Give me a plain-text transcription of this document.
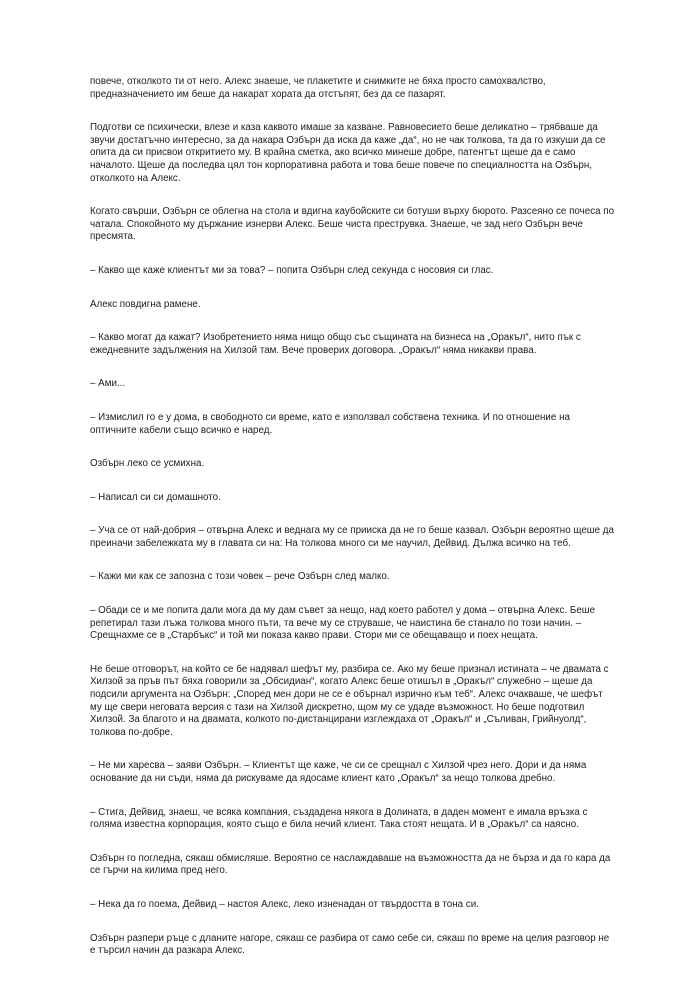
повече, отколкото ти от него. Алекс знаеше, че плакетите и снимките не бяха просто самохвалство, предназначението им беше да накарат хората да отстъпят, без да се пазарят.

Подготви се психически, влезе и каза каквото имаше за казване. Равновесието беше деликатно – трябваше да звучи достатъчно интересно, за да накара Озбърн да иска да каже „да“, но не чак толкова, та да го изкуши да се опита да си присвои откритието му. В крайна сметка, ако всичко минеше добре, патентът щеше да е само началото. Щеше да последва цял тон корпоративна работа и това беше повече по специалността на Озбърн, отколкото на Алекс.

Когато свърши, Озбърн се облегна на стола и вдигна каубойските си ботуши върху бюрото. Разсеяно се почеса по чатала. Спокойното му държание изнерви Алекс. Беше чиста преструвка. Знаеше, че зад него Озбърн вече пресмята.

– Какво ще каже клиентът ми за това? – попита Озбърн след секунда с носовия си глас.

Алекс повдигна рамене.

– Какво могат да кажат? Изобретението няма нищо общо със същината на бизнеса на „Оракъл“, нито пък с ежедневните задължения на Хилзой там. Вече проверих договора. „Оракъл“ няма никакви права.

– Ами...

– Измислил го е у дома, в свободното си време, като е използвал собствена техника. И по отношение на оптичните кабели също всичко е наред.

Озбърн леко се усмихна.

– Написал си си домашното.

– Уча се от най-добрия – отвърна Алекс и веднага му се прииска да не го беше казвал. Озбърн вероятно щеше да преиначи забележката му в главата си на: На толкова много си ме научил, Дейвид. Дължа всичко на теб.

– Кажи ми как се запозна с този човек – рече Озбърн след малко.

– Обади се и ме попита дали мога да му дам съвет за нещо, над което работел у дома – отвърна Алекс. Беше репетирал тази лъжа толкова много пъти, та вече му се струваше, че наистина бе станало по този начин. – Срещнахме се в „Старбъкс“ и той ми показа какво прави. Стори ми се обещаващо и поех нещата.

Не беше отговорът, на който се бе надявал шефът му, разбира се. Ако му беше признал истината – че двамата с Хилзой за пръв път бяха говорили за „Обсидиан“, когато Алекс беше отишъл в „Оракъл“ служебно – щеше да подсили аргумента на Озбърн: „Според мен дори не се е обърнал изрично към теб“. Алекс очакваше, че шефът му ще свери неговата версия с тази на Хилзой дискретно, щом му се удаде възможност. Но беше подготвил Хилзой. За благото и на двамата, колкото по-дистанцирани изглеждаха от „Оракъл“ и „Съливан, Грийнуолд“, толкова по-добре.

– Не ми харесва – заяви Озбърн. – Клиентът ще каже, че си се срещнал с Хилзой чрез него. Дори и да няма основание да ни съди, няма да рискуваме да ядосаме клиент като „Оракъл“ за нещо толкова дребно.

– Стига, Дейвид, знаеш, че всяка компания, създадена някога в Долината, в даден момент е имала връзка с голяма известна корпорация, която също е била нечий клиент. Така стоят нещата. И в „Оракъл“ са наясно.

Озбърн го погледна, сякаш обмисляше. Вероятно се наслаждаваше на възможността да не бърза и да го кара да се гърчи на килима пред него.

– Нека да го поема, Дейвид – настоя Алекс, леко изненадан от твърдостта в тона си.

Озбърн разпери ръце с дланите нагоре, сякаш се разбира от само себе си, сякаш по време на целия разговор не е търсил начин да разкара Алекс.
